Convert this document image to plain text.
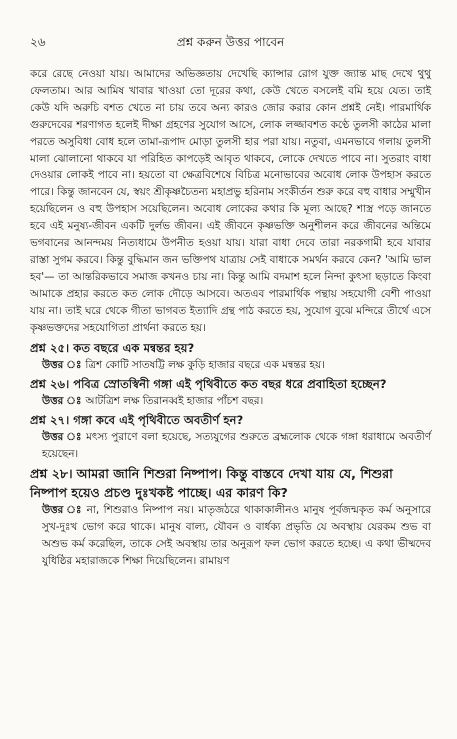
২৬	প্রশ্ন করুন উত্তর পাবেন

করে রেছে নেওয়া যায়। আমাদের অভিজ্ঞতায় দেখেছি ক্যান্সার রোগ যুক্ত জ্যান্ত মাছ দেখে থুথু ফেলতাম। আর আমিষ খাবার খাওয়া তো দূরের কথা, কেউ খেতে বসলেই বমি হয়ে যেত। তাই কেউ যদি অরুচি বশত খেতে না চায় তবে অন্য কারও জোর করার কোন প্রশ্নই নেই। পারমার্থিক গুরুদেবের শরণাগত হলেই দীক্ষা গ্রহণের সুযোগ আসে, লোক লজ্জাবশত কণ্ঠে তুলসী কাঠের মালা পরতে অসুবিধা বোধ হলে তামা-রূপাদ মোড়া তুলসী হার পরা যায়। নতুবা, এমনভাবে গলায় তুলসী মালা ঝোলানো থাকবে যা পরিহিত কাপড়েই আবৃত থাকবে, লোকে দেখতে পাবে না। সুতরাং বাধা দেওয়ার লোকই পাবে না। হয়তো বা ক্ষেত্রবিশেষে বিচিত্র মনোভাবের অবোধ লোক উপহাস করতে পারে। কিন্তু জানবেন যে, স্বয়ং শ্রীকৃষ্ণচৈতন্য মহাপ্রভু হরিনাম সংকীর্তন শুরু করে বহু বাধার সম্মুখীন হয়েছিলেন ও বহু উপহাস সয়েছিলেন। অবোধ লোকের কথার কি মূল্য আছে? শাস্ত্র পড়ে জানতে হবে এই মনুষ্য-জীবন একটি দুর্লভ জীবন। এই জীবনে কৃষ্ণভক্তি অনুশীলন করে জীবনের অন্তিমে ভগবানের আনন্দময় নিত্যধামে উপনীত হওয়া যায়। যারা বাধা দেবে তারা নরকগামী হবে যাবার রাস্তা সুগম করবে। কিন্তু বুদ্ধিমান জন ভক্তিপথ যাত্রায় সেই বাধাকে সমর্থন করবে কেন? 'আমি ভাল হব'— তা আন্তরিকভাবে সমাজ কখনও চায় না। কিন্তু আমি বদমাশ হলে নিন্দা কুৎসা ছড়াতে কিংবা আমাকে প্রহার করতে কত লোক দৌড়ে আসবে। অতএব পারমার্থিক পন্থায় সহযোগী বেশী পাওয়া যায় না। তাই ঘরে থেকে গীতা ভাগবত ইত্যাদি গ্রন্থ পাঠ করতে হয়, সুযোগ বুঝে মন্দিরে তীর্থে এসে কৃষ্ণভক্তদের সহযোগিতা প্রার্থনা করতে হয়।

প্রশ্ন ২৫। কত বছরে এক মন্বন্তর হয়?

উত্তর ঃ ত্রিশ কোটি সাতষট্টি লক্ষ কুড়ি হাজার বছরে এক মন্বন্তর হয়।

প্রশ্ন ২৬। পবিত্র স্রোতস্বিনী গঙ্গা এই পৃথিবীতে কত বছর ধরে প্রবাহিতা হচ্ছেন?

উত্তর ঃ আটত্রিশ লক্ষ তিরানব্বই হাজার পাঁচশ বছর।

প্রশ্ন ২৭। গঙ্গা কবে এই পৃথিবীতে অবতীর্ণ হন?

উত্তর ঃ মৎস্য পুরাণে বলা হয়েছে, সত্যযুগের শুরুতে ব্রহ্মলোক থেকে গঙ্গা ধরাধামে অবতীর্ণ হয়েছেন।

প্রশ্ন ২৮। আমরা জানি শিশুরা নিষ্পাপ। কিন্তু বাস্তবে দেখা যায় যে, শিশুরা নিষ্পাপ হয়েও প্রচণ্ড দুঃখকষ্ট পাচ্ছে। এর কারণ কি?

উত্তর ঃ না, শিশুরাও নিষ্পাপ নয়। মাতৃজঠরে থাকাকালীনও মানুষ পূর্বজন্মকৃত কর্ম অনুসারে সুখ-দুঃখ ভোগ করে থাকে। মানুষ বাল্য, যৌবন ও বার্ধক্য প্রভৃতি যে অবস্থায় যেরকম শুভ বা অশুভ কর্ম করেছিল, তাকে সেই অবস্থায় তার অনুরূপ ফল ভোগ করতে হচ্ছে। এ কথা ভীষ্মদেব যুধিষ্ঠির মহারাজকে শিক্ষা দিয়েছিলেন। রামায়ণ
